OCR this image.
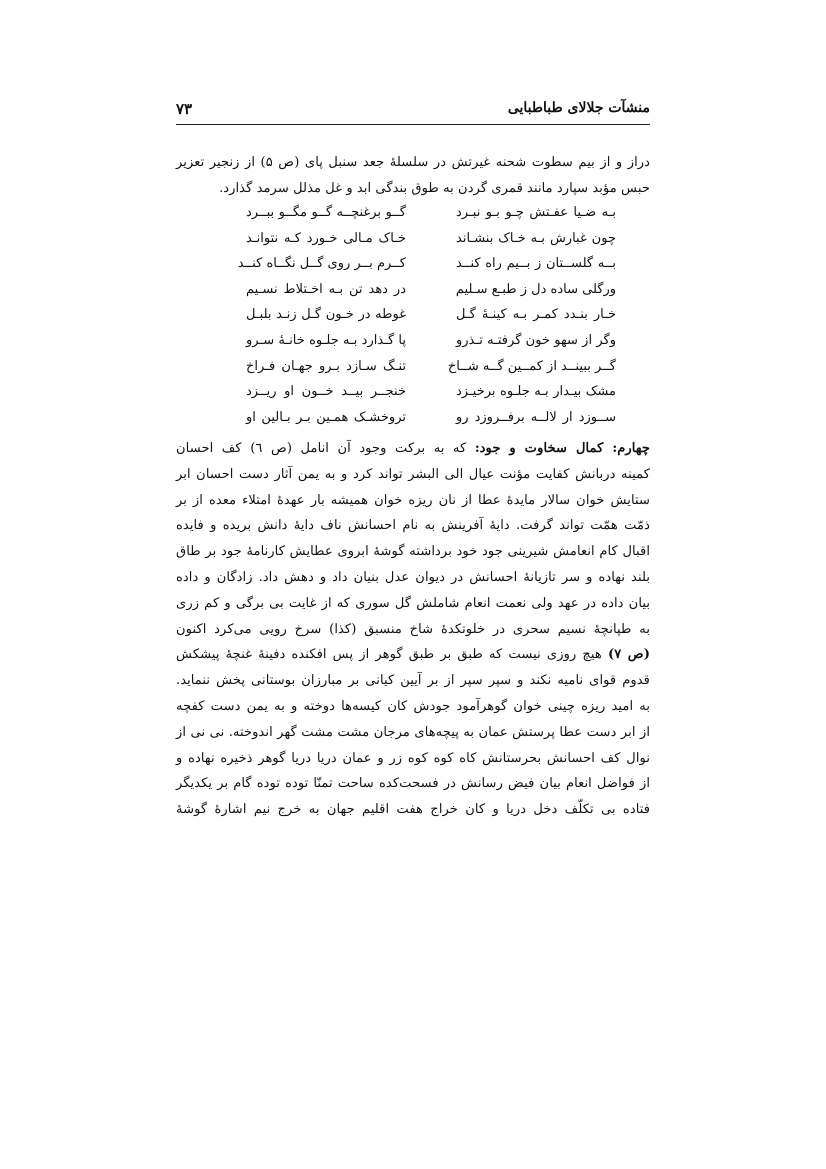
منشآت جلالای طباطبایی
۷۳
دراز و از بیم سطوت شحنه غیرتش در سلسلهٔ جعد سنبل پای (ص ۵) از زنجیر تعزیر
حبس مؤبد سپارد مانند قمری گردن به طوق بندگی ابد و غل مذلل سرمد گذارد.
بـه ضـیا عفـتش چـو بـو نبـرد
گــو برغنچــه گــو مگــو ببــرد
چون غبارش بـه خـاک بنشـاند
خـاک مـالی خـورد کـه نتوانـد
بــه گلســتان ز بــیم راه کنــد
کــرم بــر روی گــل نگــاه کنــد
ورگلی ساده دل ز طبـع سـلیم
در دهد تن بـه اخـتلاط نسـیم
خـار بنـدد کمـر بـه کینـهٔ گـل
غوطه در خـون گـل زنـد بلبـل
وگر از سهو خون گرفتـه تـذرو
پا گـذارد بـه جلـوه خانـهٔ سـرو
گــر ببینــد از کمــین گــه شــاخ
تنـگ سـازد بـرو جهـان فـراخ
مشک بیـدار بـه جلـوه برخیـزد
خنجــر بیــد خــون او ریــزد
ســوزد ار لالــه برفــروزد رو
تروخشـک همـین بـر بـالین او
چهارم: کمال سخاوت و جود: که به برکت وجود آن انامل (ص ٦) کف احسان
کمینه دربانش کفایت مؤنت عیال الی البشر تواند کرد و به یمن آثار دست احسان ابر
ستایش خوان سالار مایدهٔ عطا از نان ریزه خوان همیشه بار عهدهٔ امتلاء معده از بر
ذمّت همّت تواند گرفت. دایهٔ آفرینش به نام احسانش ناف دایهٔ دانش بریده و فایده
اقبال کام انعامش شیرینی جود خود برداشته گوشهٔ ابروی عطایش کارنامهٔ جود بر طاق
بلند نهاده و سر تازیانهٔ احسانش در دیوان عدل بنیان داد و دهش داد. زادگان و داده
بیان داده در عهد ولی نعمت انعام شاملش گل سوری که از غایت بی برگی و کم زری
به طپانچهٔ نسیم سحری در خلوتکدهٔ شاخ منسبق (کذا) سرخ رویی می‌کرد اکنون
(ص ۷) هیچ روزی نیست که طبق بر طبق گوهر از پس افکنده دفینهٔ غنچهٔ پیشکش
قدوم قوای نامیه نکند و سپر سپر از بر آیین کیانی بر مبارزان بوستانی پخش ننماید.
به امید ریزه چینی خوان گوهرآمود جودش کان کیسه‌ها دوخته و به یمن دست کفچه
از ابر دست عطا پرستش عمان به پیچه‌های مرجان مشت مشت گهر اندوخته. نی نی از
نوال کف احسانش بحرستانش کاه کوه کوه زر و عمان دریا دریا گوهر ذخیره نهاده و
از فواضل انعام بیان فیض رسانش در فسحت‌کده ساحت تمنّا توده توده گام بر یکدیگر
فتاده بی تکلّف دخل دریا و کان خراج هفت اقلیم جهان به خرج نیم اشارهٔ گوشهٔ
